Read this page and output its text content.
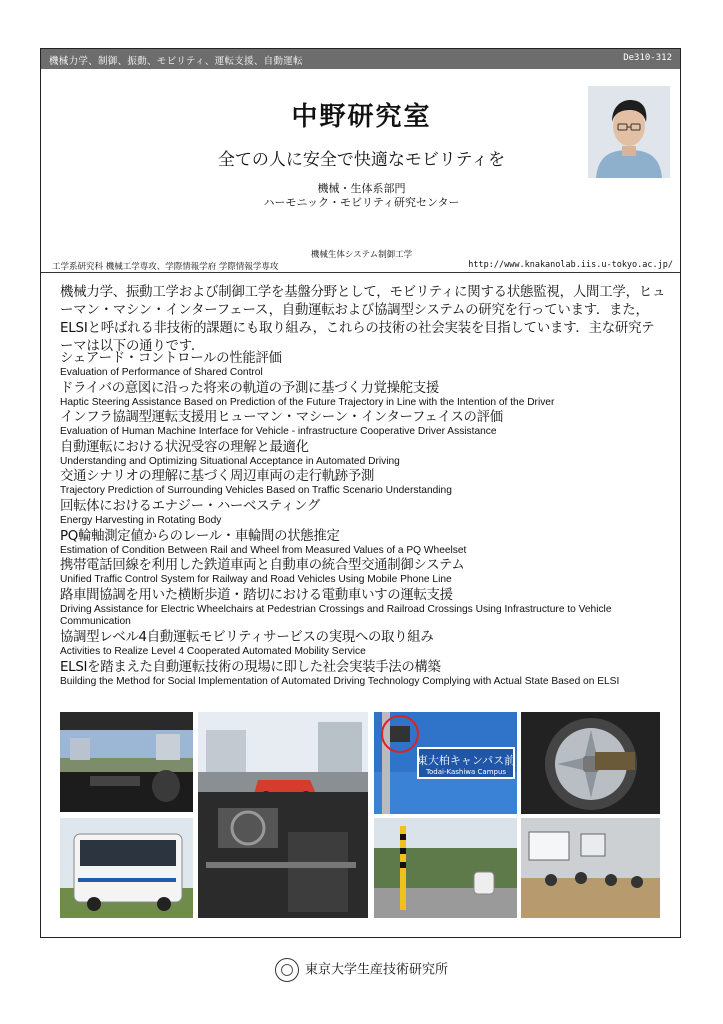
機械力学、制御、振動、モビリティ、運転支援、自動運転	De310-312
中野研究室
全ての人に安全で快適なモビリティを
機械・生体系部門
ハーモニック・モビリティ研究センター
機械生体システム制御工学
工学系研究科 機械工学専攻、学際情報学府 学際情報学専攻	http://www.knakanolab.iis.u-tokyo.ac.jp/
機械力学、振動工学および制御工学を基盤分野として，モビリティに関する状態監視，人間工学，ヒューマン・マシン・インターフェース，自動運転および協調型システムの研究を行っています．また，ELSIと呼ばれる非技術的課題にも取り組み，これらの技術の社会実装を目指しています．主な研究テーマは以下の通りです．
シェアード・コントロールの性能評価
Evaluation of Performance of Shared Control
ドライバの意図に沿った将来の軌道の予測に基づく力覚操舵支援
Haptic Steering Assistance Based on Prediction of the Future Trajectory in Line with the Intention of the Driver
インフラ協調型運転支援用ヒューマン・マシーン・インターフェイスの評価
Evaluation of Human Machine Interface for Vehicle - infrastructure Cooperative Driver Assistance
自動運転における状況受容の理解と最適化
Understanding and Optimizing Situational Acceptance in Automated Driving
交通シナリオの理解に基づく周辺車両の走行軌跡予測
Trajectory Prediction of Surrounding Vehicles Based on Traffic Scenario Understanding
回転体におけるエナジー・ハーベスティング
Energy Harvesting in Rotating Body
PQ輪軸測定値からのレール・車輪間の状態推定
Estimation of Condition Between Rail and Wheel from Measured Values of a PQ Wheelset
携帯電話回線を利用した鉄道車両と自動車の統合型交通制御システム
Unified Traffic Control System for Railway and Road Vehicles Using Mobile Phone Line
路車間協調を用いた横断歩道・踏切における電動車いすの運転支援
Driving Assistance for Electric Wheelchairs at Pedestrian Crossings and Railroad Crossings Using Infrastructure to Vehicle Communication
協調型レベル4自動運転モビリティサービスの実現への取り組み
Activities to Realize Level 4 Cooperated Automated Mobility Service
ELSIを踏まえた自動運転技術の現場に即した社会実装手法の構築
Building the Method for Social Implementation of Automated Driving Technology Complying with Actual State Based on ELSI
東大柏キャンパス前
Todai-Kashiwa Campus
東京大学生産技術研究所
